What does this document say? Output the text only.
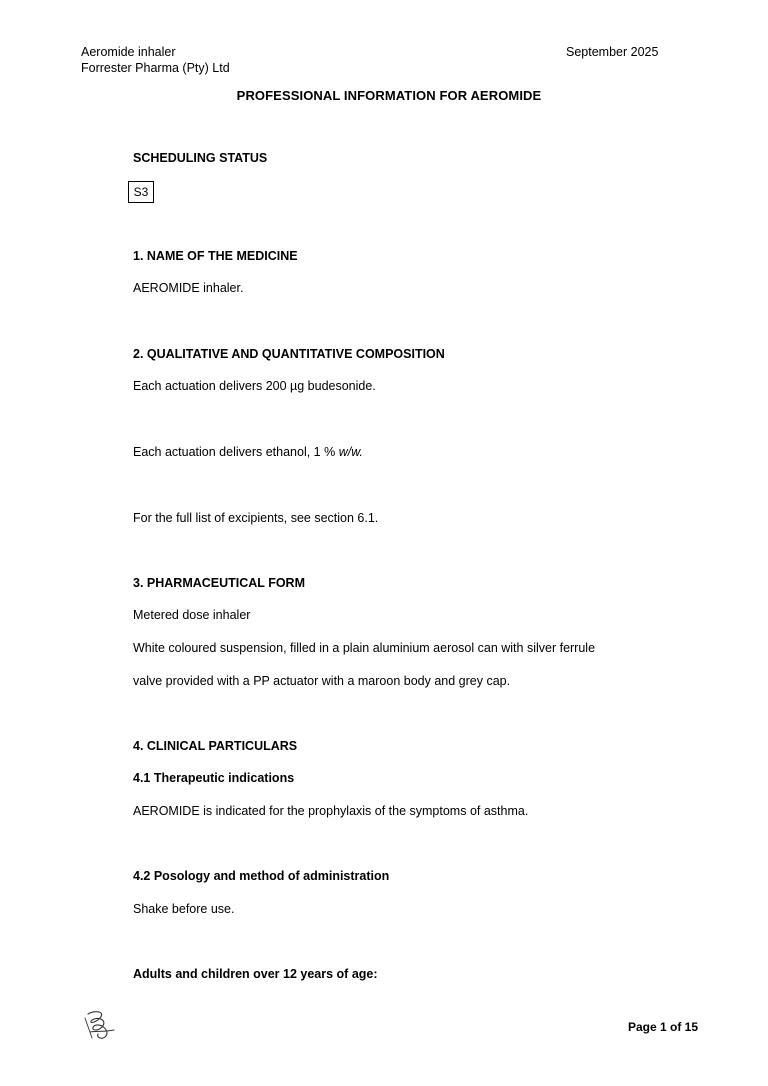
Aeromide inhaler
Forrester Pharma (Pty) Ltd
September 2025
PROFESSIONAL INFORMATION FOR AEROMIDE
SCHEDULING STATUS
S3
1. NAME OF THE MEDICINE
AEROMIDE inhaler.
2. QUALITATIVE AND QUANTITATIVE COMPOSITION
Each actuation delivers 200 µg budesonide.
Each actuation delivers ethanol, 1 % w/w.
For the full list of excipients, see section 6.1.
3. PHARMACEUTICAL FORM
Metered dose inhaler
White coloured suspension, filled in a plain aluminium aerosol can with silver ferrule
valve provided with a PP actuator with a maroon body and grey cap.
4. CLINICAL PARTICULARS
4.1 Therapeutic indications
AEROMIDE is indicated for the prophylaxis of the symptoms of asthma.
4.2 Posology and method of administration
Shake before use.
Adults and children over 12 years of age:
Page 1 of 15
